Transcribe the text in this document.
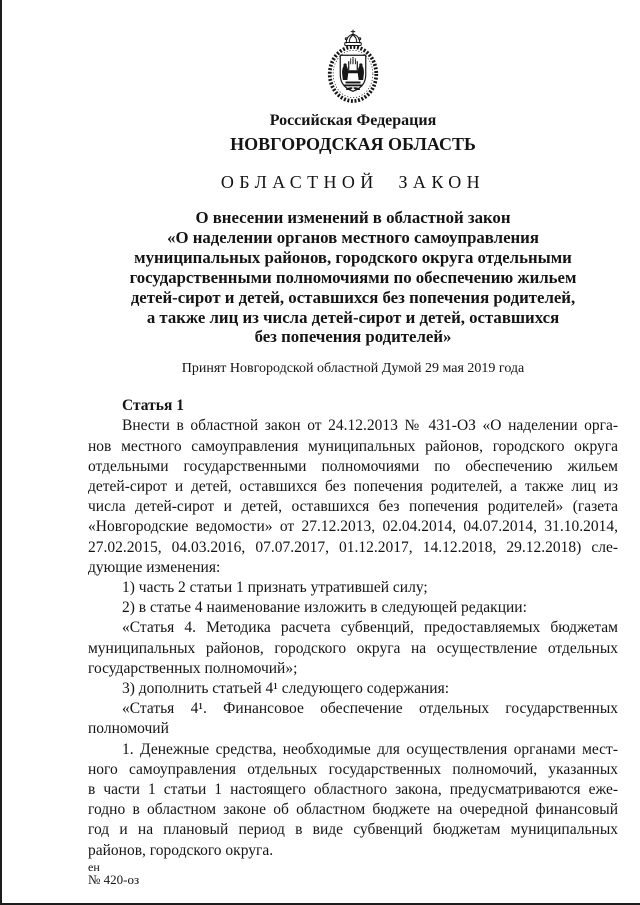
Российская Федерация
НОВГОРОДСКАЯ ОБЛАСТЬ
ОБЛАСТНОЙ ЗАКОН
О внесении изменений в областной закон
«О наделении органов местного самоуправления
муниципальных районов, городского округа отдельными
государственными полномочиями по обеспечению жильем
детей-сирот и детей, оставшихся без попечения родителей,
а также лиц из числа детей-сирот и детей, оставшихся
без попечения родителей»
Принят Новгородской областной Думой 29 мая 2019 года
Статья 1
Внести в областной закон от 24.12.2013 № 431-ОЗ «О наделении орга-
нов местного самоуправления муниципальных районов, городского округа
отдельными государственными полномочиями по обеспечению жильем
детей-сирот и детей, оставшихся без попечения родителей, а также лиц из
числа детей-сирот и детей, оставшихся без попечения родителей» (газета
«Новгородские ведомости» от 27.12.2013, 02.04.2014, 04.07.2014, 31.10.2014,
27.02.2015, 04.03.2016, 07.07.2017, 01.12.2017, 14.12.2018, 29.12.2018) сле-
дующие изменения:
1) часть 2 статьи 1 признать утратившей силу;
2) в статье 4 наименование изложить в следующей редакции:
«Статья 4. Методика расчета субвенций, предоставляемых бюджетам
муниципальных районов, городского округа на осуществление отдельных
государственных полномочий»;
3) дополнить статьей 4¹ следующего содержания:
«Статья 4¹. Финансовое обеспечение отдельных государственных
полномочий
1. Денежные средства, необходимые для осуществления органами мест-
ного самоуправления отдельных государственных полномочий, указанных
в части 1 статьи 1 настоящего областного закона, предусматриваются еже-
годно в областном законе об областном бюджете на очередной финансовый
год и на плановый период в виде субвенций бюджетам муниципальных
районов, городского округа.
ен
№ 420-оз
